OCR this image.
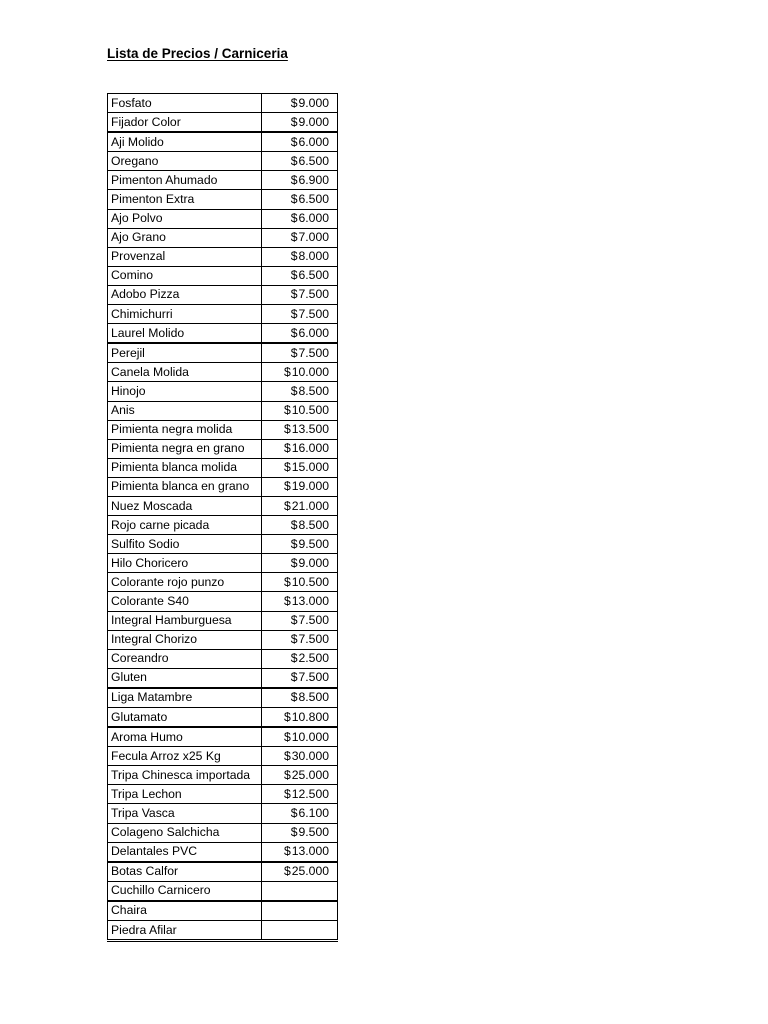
Lista de Precios / Carniceria
Fosfato	$9.000
Fijador Color	$9.000
Aji Molido	$6.000
Oregano	$6.500
Pimenton Ahumado	$6.900
Pimenton Extra	$6.500
Ajo Polvo	$6.000
Ajo Grano	$7.000
Provenzal	$8.000
Comino	$6.500
Adobo Pizza	$7.500
Chimichurri	$7.500
Laurel Molido	$6.000
Perejil	$7.500
Canela Molida	$10.000
Hinojo	$8.500
Anis	$10.500
Pimienta negra molida	$13.500
Pimienta negra en grano	$16.000
Pimienta blanca molida	$15.000
Pimienta blanca en grano	$19.000
Nuez Moscada	$21.000
Rojo carne picada	$8.500
Sulfito Sodio	$9.500
Hilo Choricero	$9.000
Colorante rojo punzo	$10.500
Colorante S40	$13.000
Integral Hamburguesa	$7.500
Integral Chorizo	$7.500
Coreandro	$2.500
Gluten	$7.500
Liga Matambre	$8.500
Glutamato	$10.800
Aroma Humo	$10.000
Fecula Arroz x25 Kg	$30.000
Tripa Chinesca importada	$25.000
Tripa Lechon	$12.500
Tripa Vasca	$6.100
Colageno Salchicha	$9.500
Delantales PVC	$13.000
Botas Calfor	$25.000
Cuchillo Carnicero	
Chaira	
Piedra Afilar	
